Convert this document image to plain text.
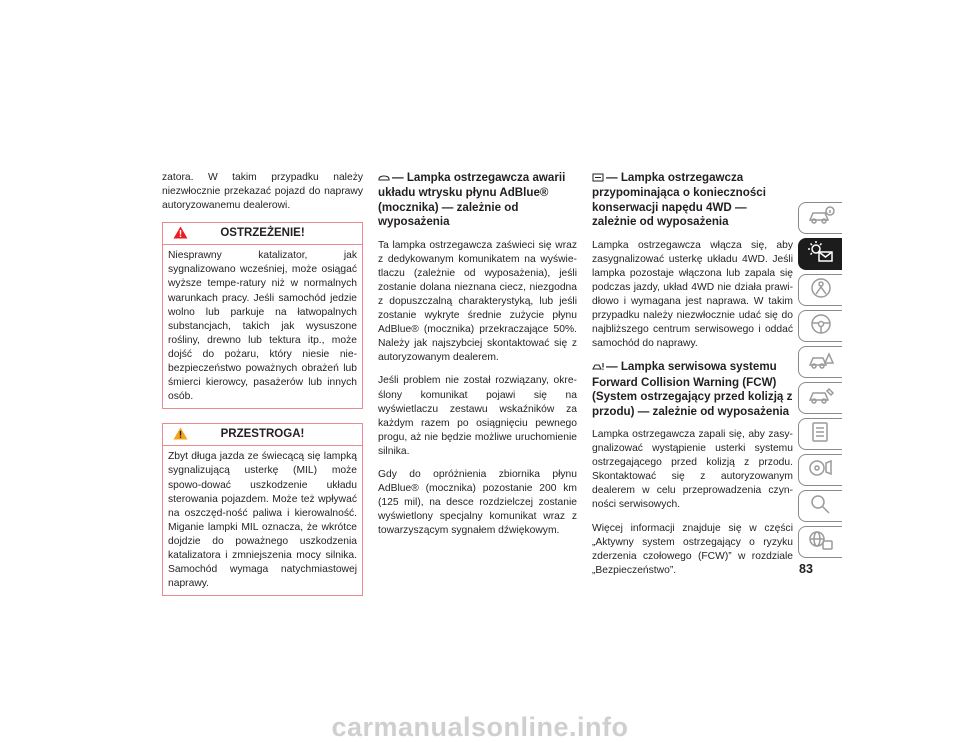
zatora. W takim przypadku należy niezwłocznie przekazać pojazd do naprawy autoryzowanemu dealerowi.

OSTRZEŻENIE!

Niesprawny katalizator, jak sygnalizowano wcześniej, może osiągać wyższe tempe-ratury niż w normalnych warunkach pracy. Jeśli samochód jedzie wolno lub parkuje na łatwopalnych substancjach, takich jak wysuszone rośliny, drewno lub tektura itp., może dojść do pożaru, który niesie nie-bezpieczeństwo poważnych obrażeń lub śmierci kierowcy, pasażerów lub innych osób.

PRZESTROGA!

Zbyt długa jazda ze świecącą się lampką sygnalizującą usterkę (MIL) może spowo-dować uszkodzenie układu sterowania pojazdem. Może też wpływać na oszczęd-ność paliwa i kierowalność. Miganie lampki MIL oznacza, że wkrótce dojdzie do poważnego uszkodzenia katalizatora i zmniejszenia mocy silnika. Samochód wymaga natychmiastowej naprawy.

— Lampka ostrzegawcza awarii układu wtrysku płynu AdBlue® (mocznika) — zależnie od wyposażenia

Ta lampka ostrzegawcza zaświeci się wraz z dedykowanym komunikatem na wyświe-tlaczu (zależnie od wyposażenia), jeśli zostanie dolana nieznana ciecz, niezgodna z dopuszczalną charakterystyką, lub jeśli zostanie wykryte średnie zużycie płynu AdBlue® (mocznika) przekraczające 50%. Należy jak najszybciej skontaktować się z autoryzowanym dealerem.

Jeśli problem nie został rozwiązany, okre-ślony komunikat pojawi się na wyświetlaczu zestawu wskaźników za każdym razem po osiągnięciu pewnego progu, aż nie będzie możliwe uruchomienie silnika.

Gdy do opróżnienia zbiornika płynu AdBlue® (mocznika) pozostanie 200 km (125 mil), na desce rozdzielczej zostanie wyświetlony specjalny komunikat wraz z towarzyszącym sygnałem dźwiękowym.

— Lampka ostrzegawcza przypominająca o konieczności konserwacji napędu 4WD — zależnie od wyposażenia

Lampka ostrzegawcza włącza się, aby zasygnalizować usterkę układu 4WD. Jeśli lampka pozostaje włączona lub zapala się podczas jazdy, układ 4WD nie działa prawi-dłowo i wymagana jest naprawa. W takim przypadku należy niezwłocznie udać się do najbliższego centrum serwisowego i oddać samochód do naprawy.

— Lampka serwisowa systemu Forward Collision Warning (FCW) (System ostrzegający przed kolizją z przodu) — zależnie od wyposażenia

Lampka ostrzegawcza zapali się, aby zasy-gnalizować wystąpienie usterki systemu ostrzegającego przed kolizją z przodu. Skontaktować się z autoryzowanym dealerem w celu przeprowadzenia czyn-ności serwisowych.

Więcej informacji znajduje się w części „Aktywny system ostrzegający o ryzyku zderzenia czołowego (FCW)” w rozdziale „Bezpieczeństwo”.	83
carmanualsonline.info
